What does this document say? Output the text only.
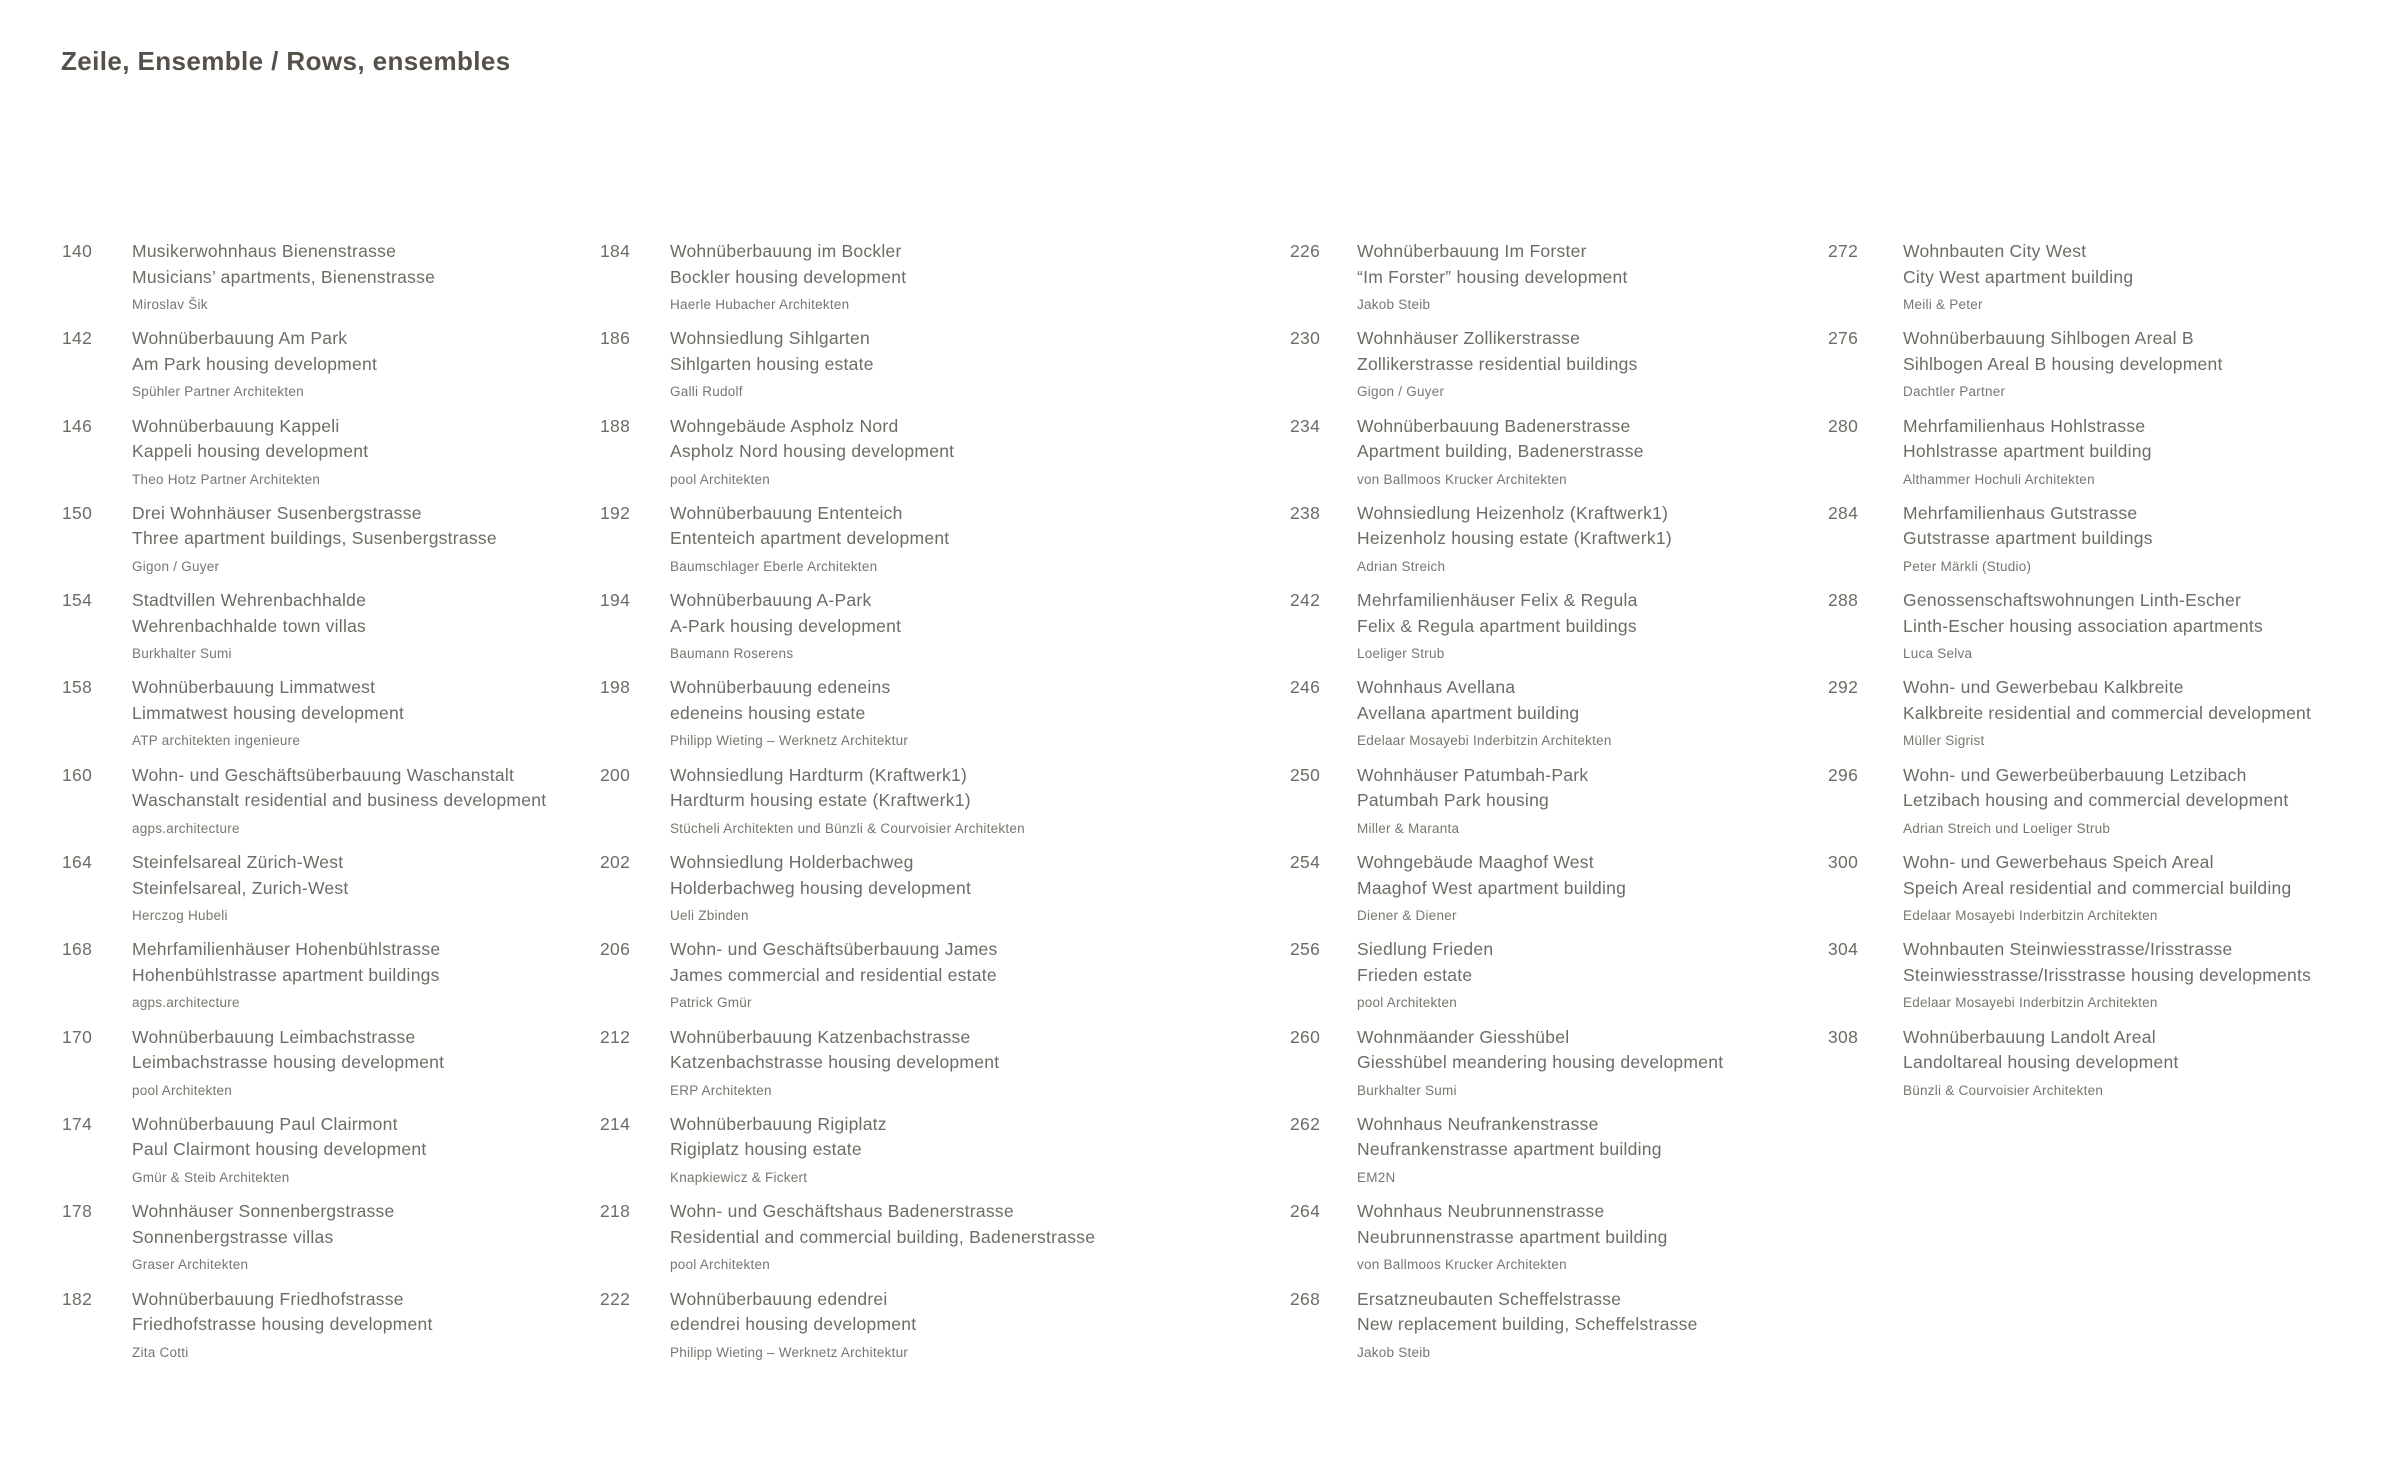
Zeile, Ensemble / Rows, ensembles
140	Musikerwohnhaus Bienenstrasse
Musicians’ apartments, Bienenstrasse
Miroslav Šik
142	Wohnüberbauung Am Park
Am Park housing development
Spühler Partner Architekten
146	Wohnüberbauung Kappeli
Kappeli housing development
Theo Hotz Partner Architekten
150	Drei Wohnhäuser Susenbergstrasse
Three apartment buildings, Susenbergstrasse
Gigon / Guyer
154	Stadtvillen Wehrenbachhalde
Wehrenbachhalde town villas
Burkhalter Sumi
158	Wohnüberbauung Limmatwest
Limmatwest housing development
ATP architekten ingenieure
160	Wohn- und Geschäftsüberbauung Waschanstalt
Waschanstalt residential and business development
agps.architecture
164	Steinfelsareal Zürich-West
Steinfelsareal, Zurich-West
Herczog Hubeli
168	Mehrfamilienhäuser Hohenbühlstrasse
Hohenbühlstrasse apartment buildings
agps.architecture
170	Wohnüberbauung Leimbachstrasse
Leimbachstrasse housing development
pool Architekten
174	Wohnüberbauung Paul Clairmont
Paul Clairmont housing development
Gmür & Steib Architekten
178	Wohnhäuser Sonnenbergstrasse
Sonnenbergstrasse villas
Graser Architekten
182	Wohnüberbauung Friedhofstrasse
Friedhofstrasse housing development
Zita Cotti
184	Wohnüberbauung im Bockler
Bockler housing development
Haerle Hubacher Architekten
186	Wohnsiedlung Sihlgarten
Sihlgarten housing estate
Galli Rudolf
188	Wohngebäude Aspholz Nord
Aspholz Nord housing development
pool Architekten
192	Wohnüberbauung Ententeich
Ententeich apartment development
Baumschlager Eberle Architekten
194	Wohnüberbauung A-Park
A-Park housing development
Baumann Roserens
198	Wohnüberbauung edeneins
edeneins housing estate
Philipp Wieting – Werknetz Architektur
200	Wohnsiedlung Hardturm (Kraftwerk1)
Hardturm housing estate (Kraftwerk1)
Stücheli Architekten und Bünzli & Courvoisier Architekten
202	Wohnsiedlung Holderbachweg
Holderbachweg housing development
Ueli Zbinden
206	Wohn- und Geschäftsüberbauung James
James commercial and residential estate
Patrick Gmür
212	Wohnüberbauung Katzenbachstrasse
Katzenbachstrasse housing development
ERP Architekten
214	Wohnüberbauung Rigiplatz
Rigiplatz housing estate
Knapkiewicz & Fickert
218	Wohn- und Geschäftshaus Badenerstrasse
Residential and commercial building, Badenerstrasse
pool Architekten
222	Wohnüberbauung edendrei
edendrei housing development
Philipp Wieting – Werknetz Architektur
226	Wohnüberbauung Im Forster
“Im Forster” housing development
Jakob Steib
230	Wohnhäuser Zollikerstrasse
Zollikerstrasse residential buildings
Gigon / Guyer
234	Wohnüberbauung Badenerstrasse
Apartment building, Badenerstrasse
von Ballmoos Krucker Architekten
238	Wohnsiedlung Heizenholz (Kraftwerk1)
Heizenholz housing estate (Kraftwerk1)
Adrian Streich
242	Mehrfamilienhäuser Felix & Regula
Felix & Regula apartment buildings
Loeliger Strub
246	Wohnhaus Avellana
Avellana apartment building
Edelaar Mosayebi Inderbitzin Architekten
250	Wohnhäuser Patumbah-Park
Patumbah Park housing
Miller & Maranta
254	Wohngebäude Maaghof West
Maaghof West apartment building
Diener & Diener
256	Siedlung Frieden
Frieden estate
pool Architekten
260	Wohnmäander Giesshübel
Giesshübel meandering housing development
Burkhalter Sumi
262	Wohnhaus Neufrankenstrasse
Neufrankenstrasse apartment building
EM2N
264	Wohnhaus Neubrunnenstrasse
Neubrunnenstrasse apartment building
von Ballmoos Krucker Architekten
268	Ersatzneubauten Scheffelstrasse
New replacement building, Scheffelstrasse
Jakob Steib
272	Wohnbauten City West
City West apartment building
Meili & Peter
276	Wohnüberbauung Sihlbogen Areal B
Sihlbogen Areal B housing development
Dachtler Partner
280	Mehrfamilienhaus Hohlstrasse
Hohlstrasse apartment building
Althammer Hochuli Architekten
284	Mehrfamilienhaus Gutstrasse
Gutstrasse apartment buildings
Peter Märkli (Studio)
288	Genossenschaftswohnungen Linth-Escher
Linth-Escher housing association apartments
Luca Selva
292	Wohn- und Gewerbebau Kalkbreite
Kalkbreite residential and commercial development
Müller Sigrist
296	Wohn- und Gewerbeüberbauung Letzibach
Letzibach housing and commercial development
Adrian Streich und Loeliger Strub
300	Wohn- und Gewerbehaus Speich Areal
Speich Areal residential and commercial building
Edelaar Mosayebi Inderbitzin Architekten
304	Wohnbauten Steinwiesstrasse/Irisstrasse
Steinwiesstrasse/Irisstrasse housing developments
Edelaar Mosayebi Inderbitzin Architekten
308	Wohnüberbauung Landolt Areal
Landoltareal housing development
Bünzli & Courvoisier Architekten
